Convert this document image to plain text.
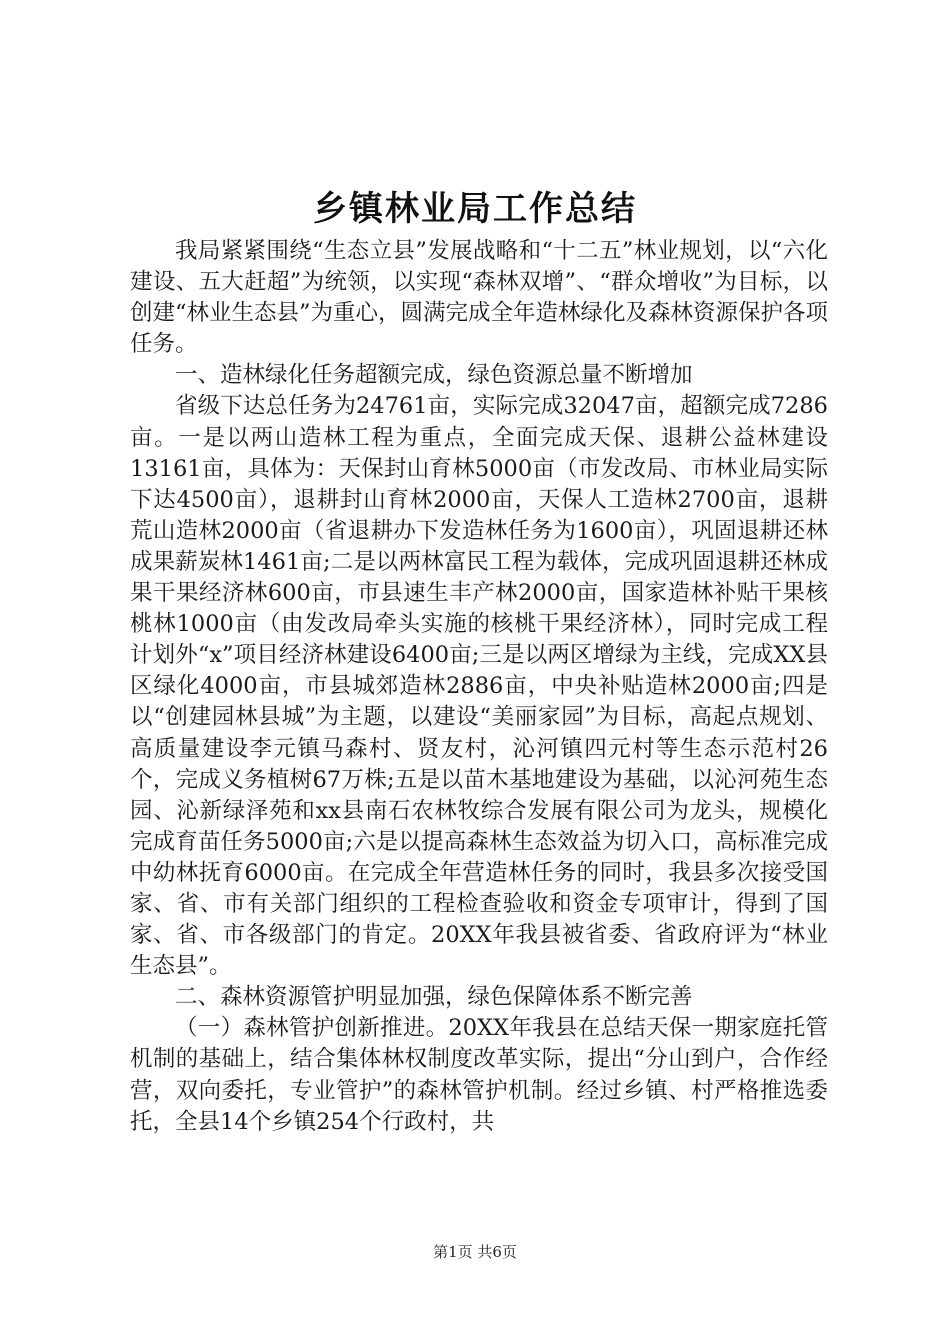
乡镇林业局工作总结

我局紧紧围绕“生态立县”发展战略和“十二五”林业规划，以“六化建设、五大赶超”为统领，以实现“森林双增”、“群众增收”为目标，以创建“林业生态县”为重心，圆满完成全年造林绿化及森林资源保护各项任务。

一、造林绿化任务超额完成，绿色资源总量不断增加

省级下达总任务为24761亩，实际完成32047亩，超额完成7286亩。一是以两山造林工程为重点，全面完成天保、退耕公益林建设13161亩，具体为：天保封山育林5000亩（市发改局、市林业局实际下达4500亩），退耕封山育林2000亩，天保人工造林2700亩，退耕荒山造林2000亩（省退耕办下发造林任务为1600亩），巩固退耕还林成果薪炭林1461亩;二是以两林富民工程为载体，完成巩固退耕还林成果干果经济林600亩，市县速生丰产林2000亩，国家造林补贴干果核桃林1000亩（由发改局牵头实施的核桃干果经济林），同时完成工程计划外“x”项目经济林建设6400亩;三是以两区增绿为主线，完成XX县区绿化4000亩，市县城郊造林2886亩，中央补贴造林2000亩;四是以“创建园林县城”为主题，以建设“美丽家园”为目标，高起点规划、高质量建设李元镇马森村、贤友村，沁河镇四元村等生态示范村26个，完成义务植树67万株;五是以苗木基地建设为基础，以沁河苑生态园、沁新绿泽苑和xx县南石农林牧综合发展有限公司为龙头，规模化完成育苗任务5000亩;六是以提高森林生态效益为切入口，高标准完成中幼林抚育6000亩。在完成全年营造林任务的同时，我县多次接受国家、省、市有关部门组织的工程检查验收和资金专项审计，得到了国家、省、市各级部门的肯定。20XX年我县被省委、省政府评为“林业生态县”。

二、森林资源管护明显加强，绿色保障体系不断完善

（一）森林管护创新推进。20XX年我县在总结天保一期家庭托管机制的基础上，结合集体林权制度改革实际，提出“分山到户，合作经营，双向委托，专业管护”的森林管护机制。经过乡镇、村严格推选委托，全县14个乡镇254个行政村，共

第1页 共6页
